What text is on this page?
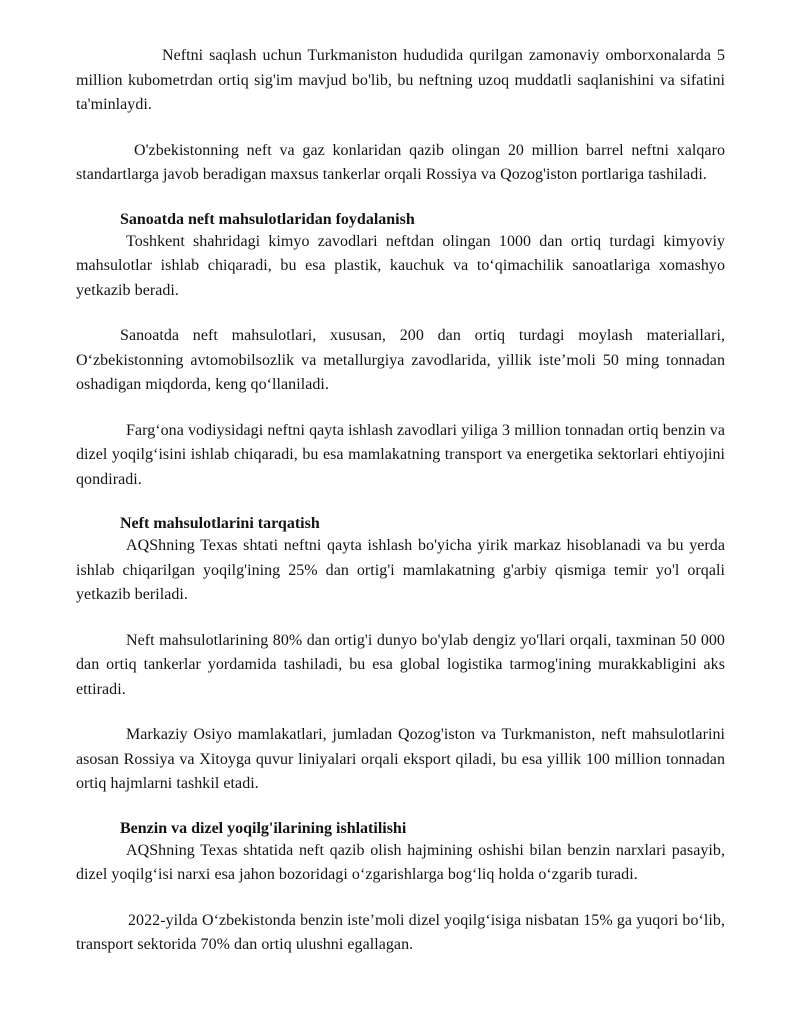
Neftni saqlash uchun Turkmaniston hududida qurilgan zamonaviy omborxonalarda 5 million kubometrdan ortiq sig'im mavjud bo'lib, bu neftning uzoq muddatli saqlanishini va sifatini ta'minlaydi.

O'zbekistonning neft va gaz konlaridan qazib olingan 20 million barrel neftni xalqaro standartlarga javob beradigan maxsus tankerlar orqali Rossiya va Qozog'iston portlariga tashiladi.

Sanoatda neft mahsulotlaridan foydalanish

Toshkent shahridagi kimyo zavodlari neftdan olingan 1000 dan ortiq turdagi kimyoviy mahsulotlar ishlab chiqaradi, bu esa plastik, kauchuk va to‘qimachilik sanoatlariga xomashyo yetkazib beradi.

Sanoatda neft mahsulotlari, xususan, 200 dan ortiq turdagi moylash materiallari, O‘zbekistonning avtomobilsozlik va metallurgiya zavodlarida, yillik iste’moli 50 ming tonnadan oshadigan miqdorda, keng qo‘llaniladi.

Farg‘ona vodiysidagi neftni qayta ishlash zavodlari yiliga 3 million tonnadan ortiq benzin va dizel yoqilg‘isini ishlab chiqaradi, bu esa mamlakatning transport va energetika sektorlari ehtiyojini qondiradi.

Neft mahsulotlarini tarqatish

AQShning Texas shtati neftni qayta ishlash bo'yicha yirik markaz hisoblanadi va bu yerda ishlab chiqarilgan yoqilg'ining 25% dan ortig'i mamlakatning g'arbiy qismiga temir yo'l orqali yetkazib beriladi.

Neft mahsulotlarining 80% dan ortig'i dunyo bo'ylab dengiz yo'llari orqali, taxminan 50 000 dan ortiq tankerlar yordamida tashiladi, bu esa global logistika tarmog'ining murakkabligini aks ettiradi.

Markaziy Osiyo mamlakatlari, jumladan Qozog'iston va Turkmaniston, neft mahsulotlarini asosan Rossiya va Xitoyga quvur liniyalari orqali eksport qiladi, bu esa yillik 100 million tonnadan ortiq hajmlarni tashkil etadi.

Benzin va dizel yoqilg'ilarining ishlatilishi

AQShning Texas shtatida neft qazib olish hajmining oshishi bilan benzin narxlari pasayib, dizel yoqilg‘isi narxi esa jahon bozoridagi o‘zgarishlarga bog‘liq holda o‘zgarib turadi.

2022-yilda O‘zbekistonda benzin iste’moli dizel yoqilg‘isiga nisbatan 15% ga yuqori bo‘lib, transport sektorida 70% dan ortiq ulushni egallagan.
